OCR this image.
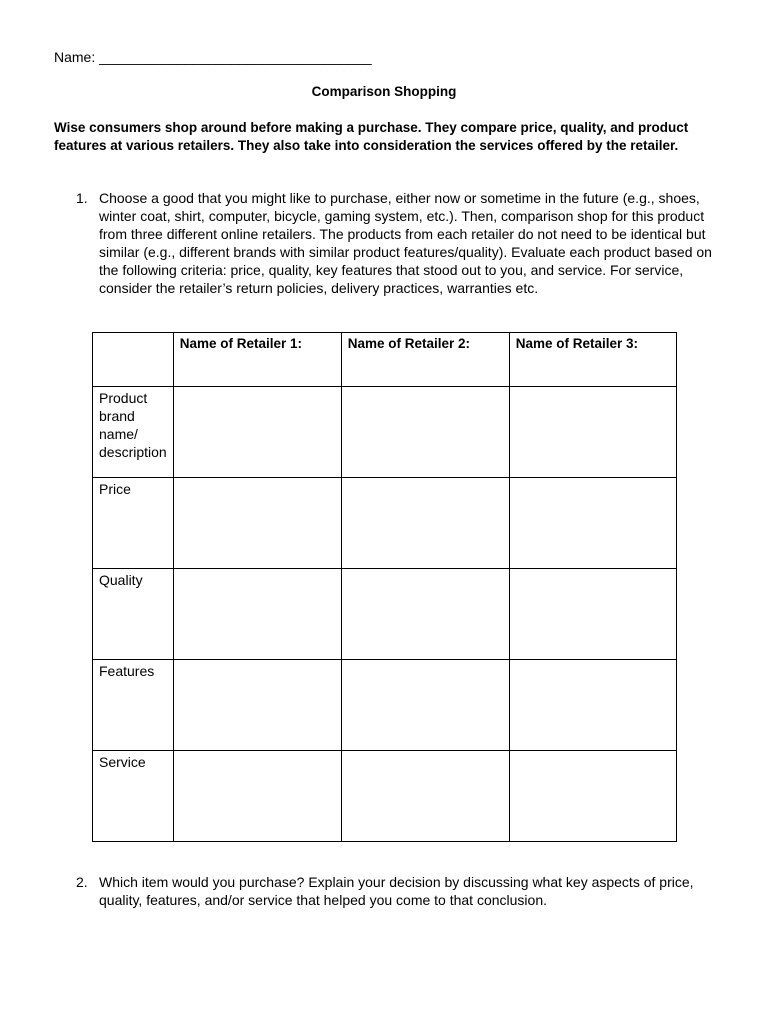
Name: ___________________________________
Comparison Shopping
Wise consumers shop around before making a purchase. They compare price, quality, and product features at various retailers. They also take into consideration the services offered by the retailer.
1. Choose a good that you might like to purchase, either now or sometime in the future (e.g., shoes, winter coat, shirt, computer, bicycle, gaming system, etc.). Then, comparison shop for this product from three different online retailers. The products from each retailer do not need to be identical but similar (e.g., different brands with similar product features/quality). Evaluate each product based on the following criteria: price, quality, key features that stood out to you, and service. For service, consider the retailer’s return policies, delivery practices, warranties etc.
	Name of Retailer 1:	Name of Retailer 2:	Name of Retailer 3:
Product brand name/ description			
Price			
Quality			
Features			
Service			
2. Which item would you purchase? Explain your decision by discussing what key aspects of price, quality, features, and/or service that helped you come to that conclusion.
